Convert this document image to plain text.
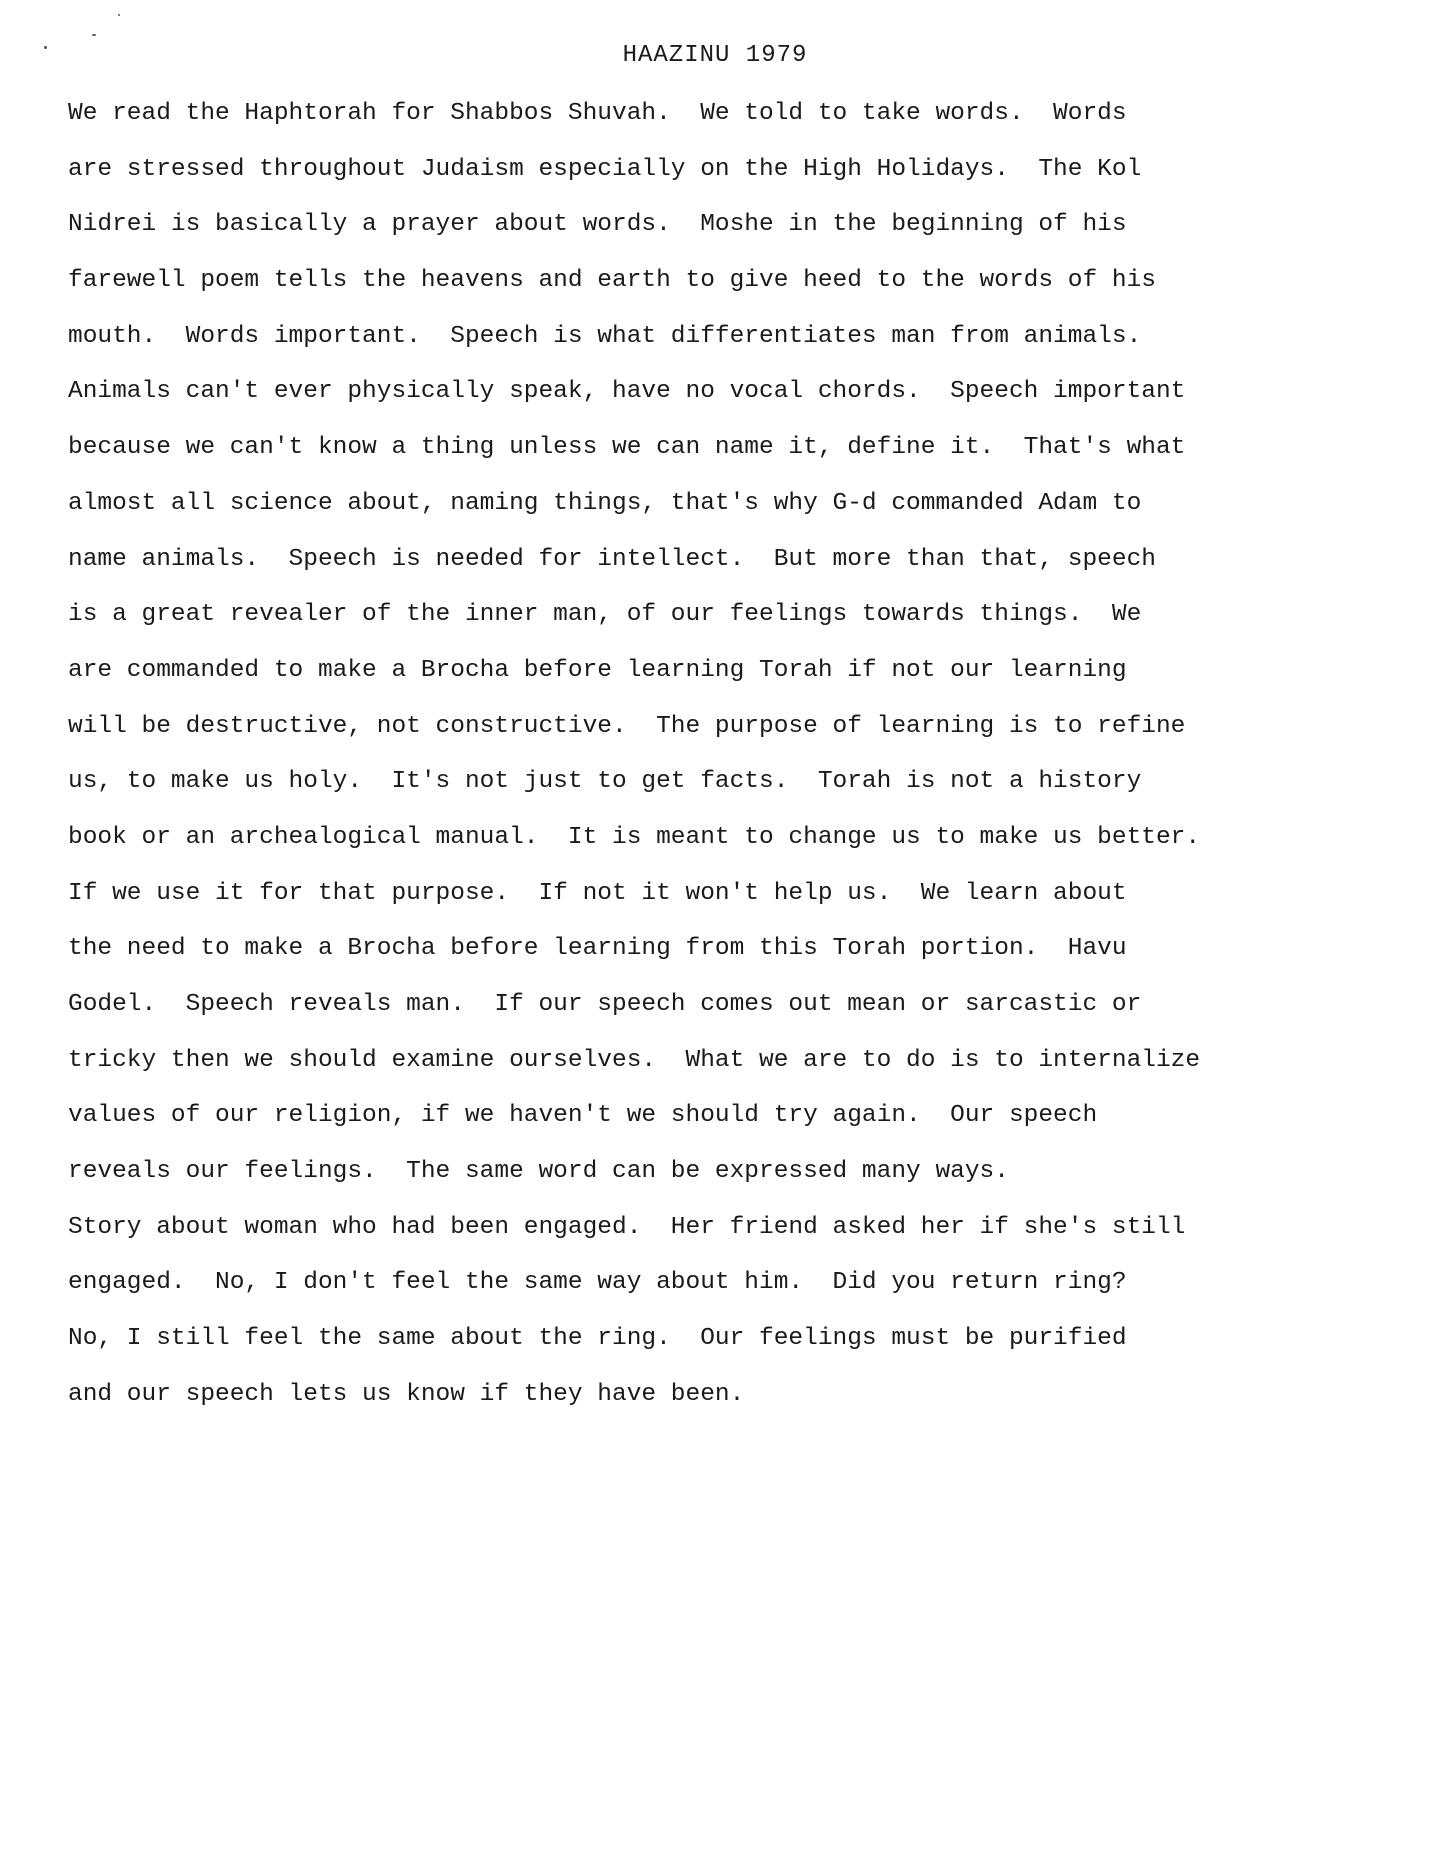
HAAZINU 1979
We read the Haphtorah for Shabbos Shuvah.  We told to take words.  Words
are stressed throughout Judaism especially on the High Holidays.  The Kol
Nidrei is basically a prayer about words.  Moshe in the beginning of his
farewell poem tells the heavens and earth to give heed to the words of his
mouth.  Words important.  Speech is what differentiates man from animals.
Animals can't ever physically speak, have no vocal chords.  Speech important
because we can't know a thing unless we can name it, define it.  That's what
almost all science about, naming things, that's why G-d commanded Adam to
name animals.  Speech is needed for intellect.  But more than that, speech
is a great revealer of the inner man, of our feelings towards things.  We
are commanded to make a Brocha before learning Torah if not our learning
will be destructive, not constructive.  The purpose of learning is to refine
us, to make us holy.  It's not just to get facts.  Torah is not a history
book or an archealogical manual.  It is meant to change us to make us better.
If we use it for that purpose.  If not it won't help us.  We learn about
the need to make a Brocha before learning from this Torah portion.  Havu
Godel.  Speech reveals man.  If our speech comes out mean or sarcastic or
tricky then we should examine ourselves.  What we are to do is to internalize
values of our religion, if we haven't we should try again.  Our speech
reveals our feelings.  The same word can be expressed many ways.
Story about woman who had been engaged.  Her friend asked her if she's still
engaged.  No, I don't feel the same way about him.  Did you return ring?
No, I still feel the same about the ring.  Our feelings must be purified
and our speech lets us know if they have been.
